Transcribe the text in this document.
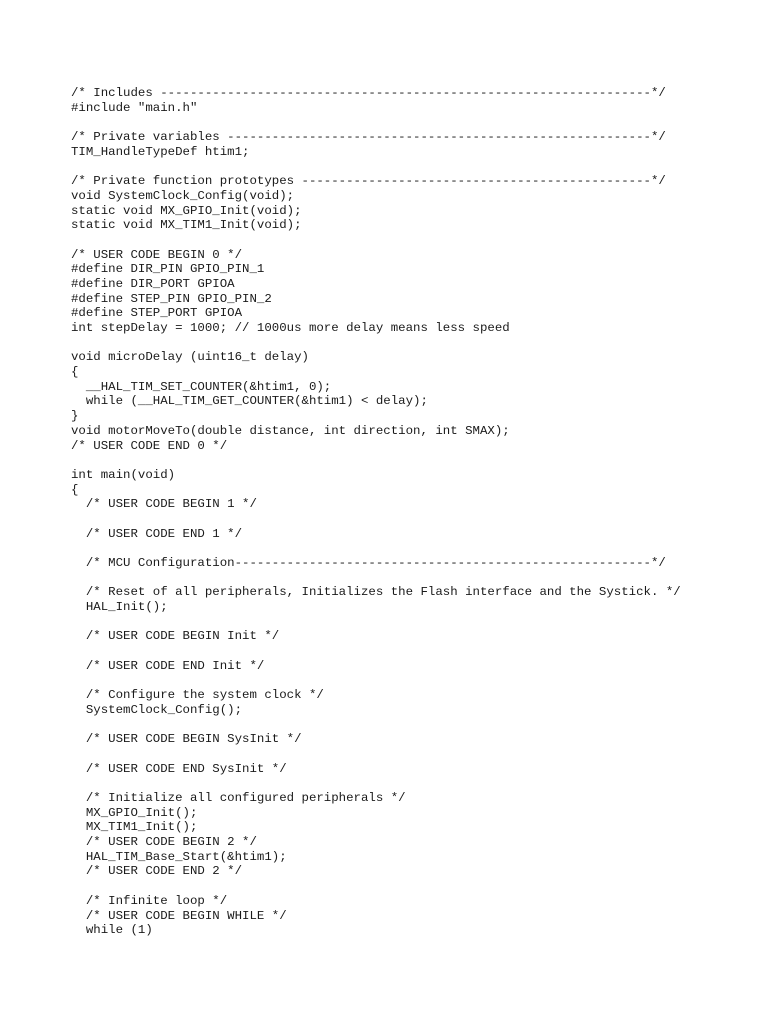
/* Includes ------------------------------------------------------------------*/
#include "main.h"
/* Private variables ---------------------------------------------------------*/
TIM_HandleTypeDef htim1;
/* Private function prototypes -----------------------------------------------*/
void SystemClock_Config(void);
static void MX_GPIO_Init(void);
static void MX_TIM1_Init(void);
/* USER CODE BEGIN 0 */
#define DIR_PIN GPIO_PIN_1
#define DIR_PORT GPIOA
#define STEP_PIN GPIO_PIN_2
#define STEP_PORT GPIOA
int stepDelay = 1000; // 1000us more delay means less speed
void microDelay (uint16_t delay)
{
__HAL_TIM_SET_COUNTER(&htim1, 0);
while (__HAL_TIM_GET_COUNTER(&htim1) < delay);
}
void motorMoveTo(double distance, int direction, int SMAX);
/* USER CODE END 0 */
int main(void)
{
/* USER CODE BEGIN 1 */
/* USER CODE END 1 */
/* MCU Configuration--------------------------------------------------------*/
/* Reset of all peripherals, Initializes the Flash interface and the Systick. */
HAL_Init();
/* USER CODE BEGIN Init */
/* USER CODE END Init */
/* Configure the system clock */
SystemClock_Config();
/* USER CODE BEGIN SysInit */
/* USER CODE END SysInit */
/* Initialize all configured peripherals */
MX_GPIO_Init();
MX_TIM1_Init();
/* USER CODE BEGIN 2 */
HAL_TIM_Base_Start(&htim1);
/* USER CODE END 2 */
/* Infinite loop */
/* USER CODE BEGIN WHILE */
while (1)
